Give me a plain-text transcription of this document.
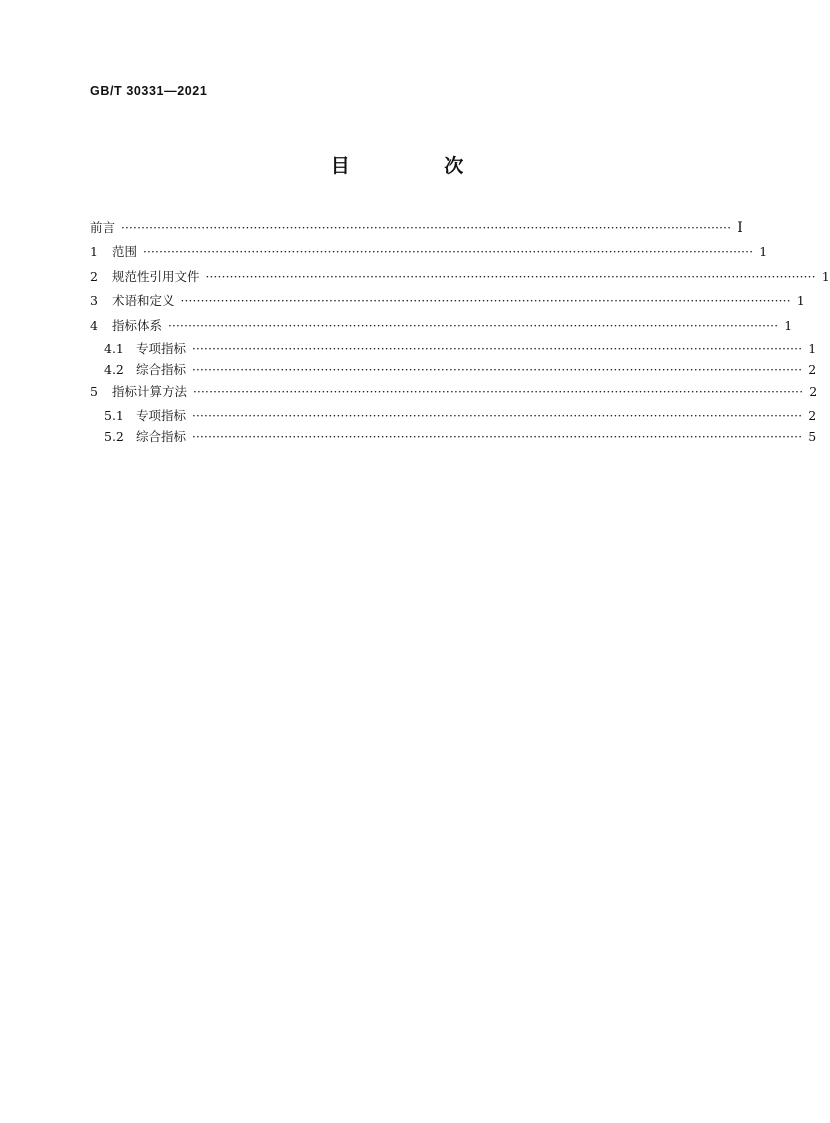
GB/T 30331—2021
目 次
前言 ························································································································································ Ⅰ
1 范围 ························································································································································ 1
2 规范性引用文件 ························································································································································ 1
3 术语和定义 ························································································································································ 1
4 指标体系 ························································································································································ 1
4.1 专项指标 ························································································································································ 1
4.2 综合指标 ························································································································································ 2
5 指标计算方法 ························································································································································ 2
5.1 专项指标 ························································································································································ 2
5.2 综合指标 ························································································································································ 5
